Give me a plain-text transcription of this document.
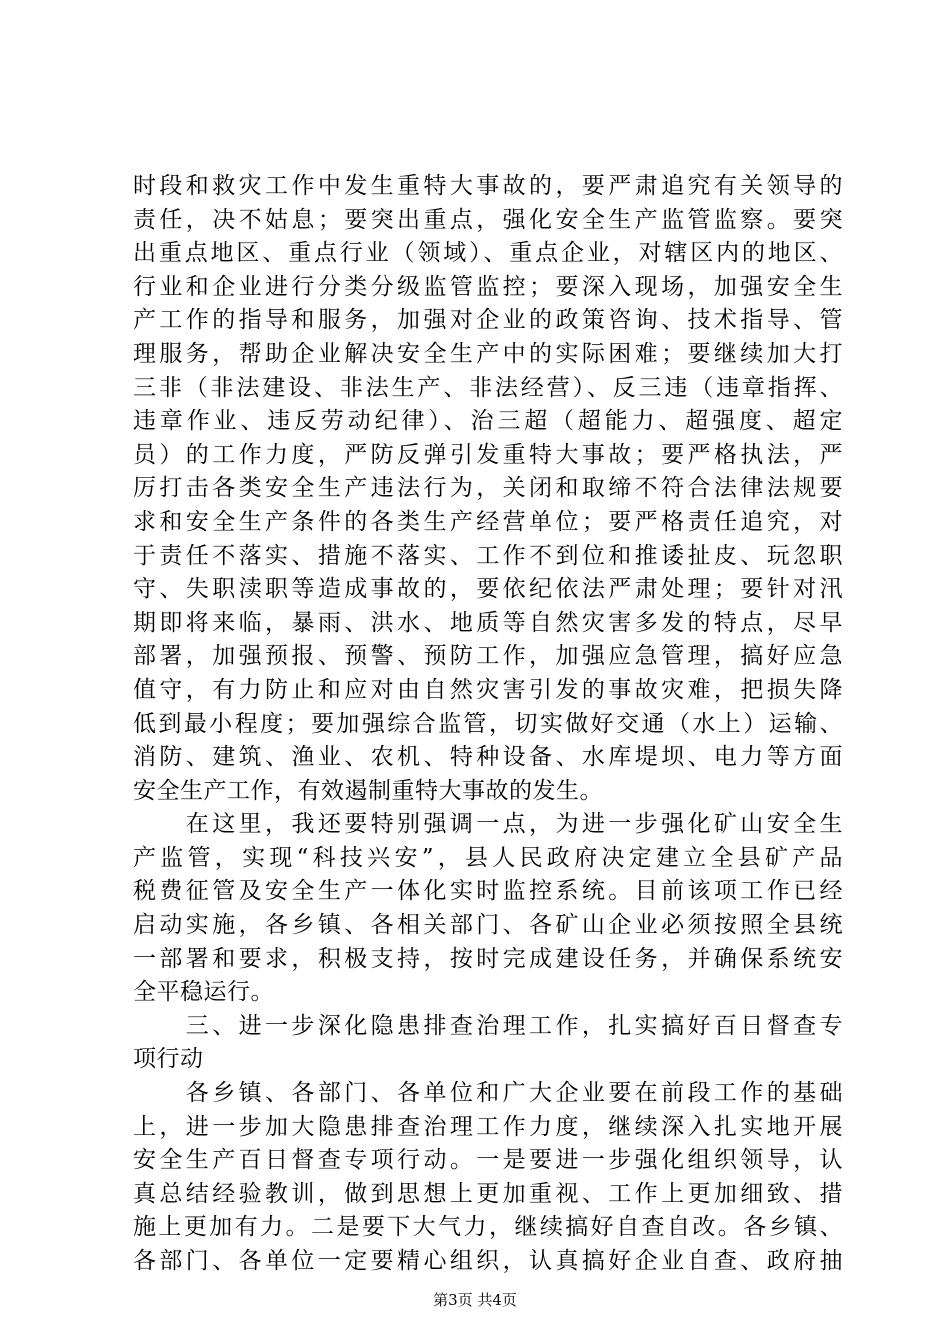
时段和救灾工作中发生重特大事故的，要严肃追究有关领导的
责任，决不姑息；要突出重点，强化安全生产监管监察。要突
出重点地区、重点行业（领域）、重点企业，对辖区内的地区、
行业和企业进行分类分级监管监控；要深入现场，加强安全生
产工作的指导和服务，加强对企业的政策咨询、技术指导、管
理服务，帮助企业解决安全生产中的实际困难；要继续加大打
三非（非法建设、非法生产、非法经营）、反三违（违章指挥、
违章作业、违反劳动纪律）、治三超（超能力、超强度、超定
员）的工作力度，严防反弹引发重特大事故；要严格执法，严
厉打击各类安全生产违法行为，关闭和取缔不符合法律法规要
求和安全生产条件的各类生产经营单位；要严格责任追究，对
于责任不落实、措施不落实、工作不到位和推诿扯皮、玩忽职
守、失职渎职等造成事故的，要依纪依法严肃处理；要针对汛
期即将来临，暴雨、洪水、地质等自然灾害多发的特点，尽早
部署，加强预报、预警、预防工作，加强应急管理，搞好应急
值守，有力防止和应对由自然灾害引发的事故灾难，把损失降
低到最小程度；要加强综合监管，切实做好交通（水上）运输、
消防、建筑、渔业、农机、特种设备、水库堤坝、电力等方面
安全生产工作，有效遏制重特大事故的发生。
　　在这里，我还要特别强调一点，为进一步强化矿山安全生
产监管，实现“科技兴安”，县人民政府决定建立全县矿产品
税费征管及安全生产一体化实时监控系统。目前该项工作已经
启动实施，各乡镇、各相关部门、各矿山企业必须按照全县统
一部署和要求，积极支持，按时完成建设任务，并确保系统安
全平稳运行。
　　三、进一步深化隐患排查治理工作，扎实搞好百日督查专
项行动
　　各乡镇、各部门、各单位和广大企业要在前段工作的基础
上，进一步加大隐患排查治理工作力度，继续深入扎实地开展
安全生产百日督查专项行动。一是要进一步强化组织领导，认
真总结经验教训，做到思想上更加重视、工作上更加细致、措
施上更加有力。二是要下大气力，继续搞好自查自改。各乡镇、
各部门、各单位一定要精心组织，认真搞好企业自查、政府抽
第3页 共4页
